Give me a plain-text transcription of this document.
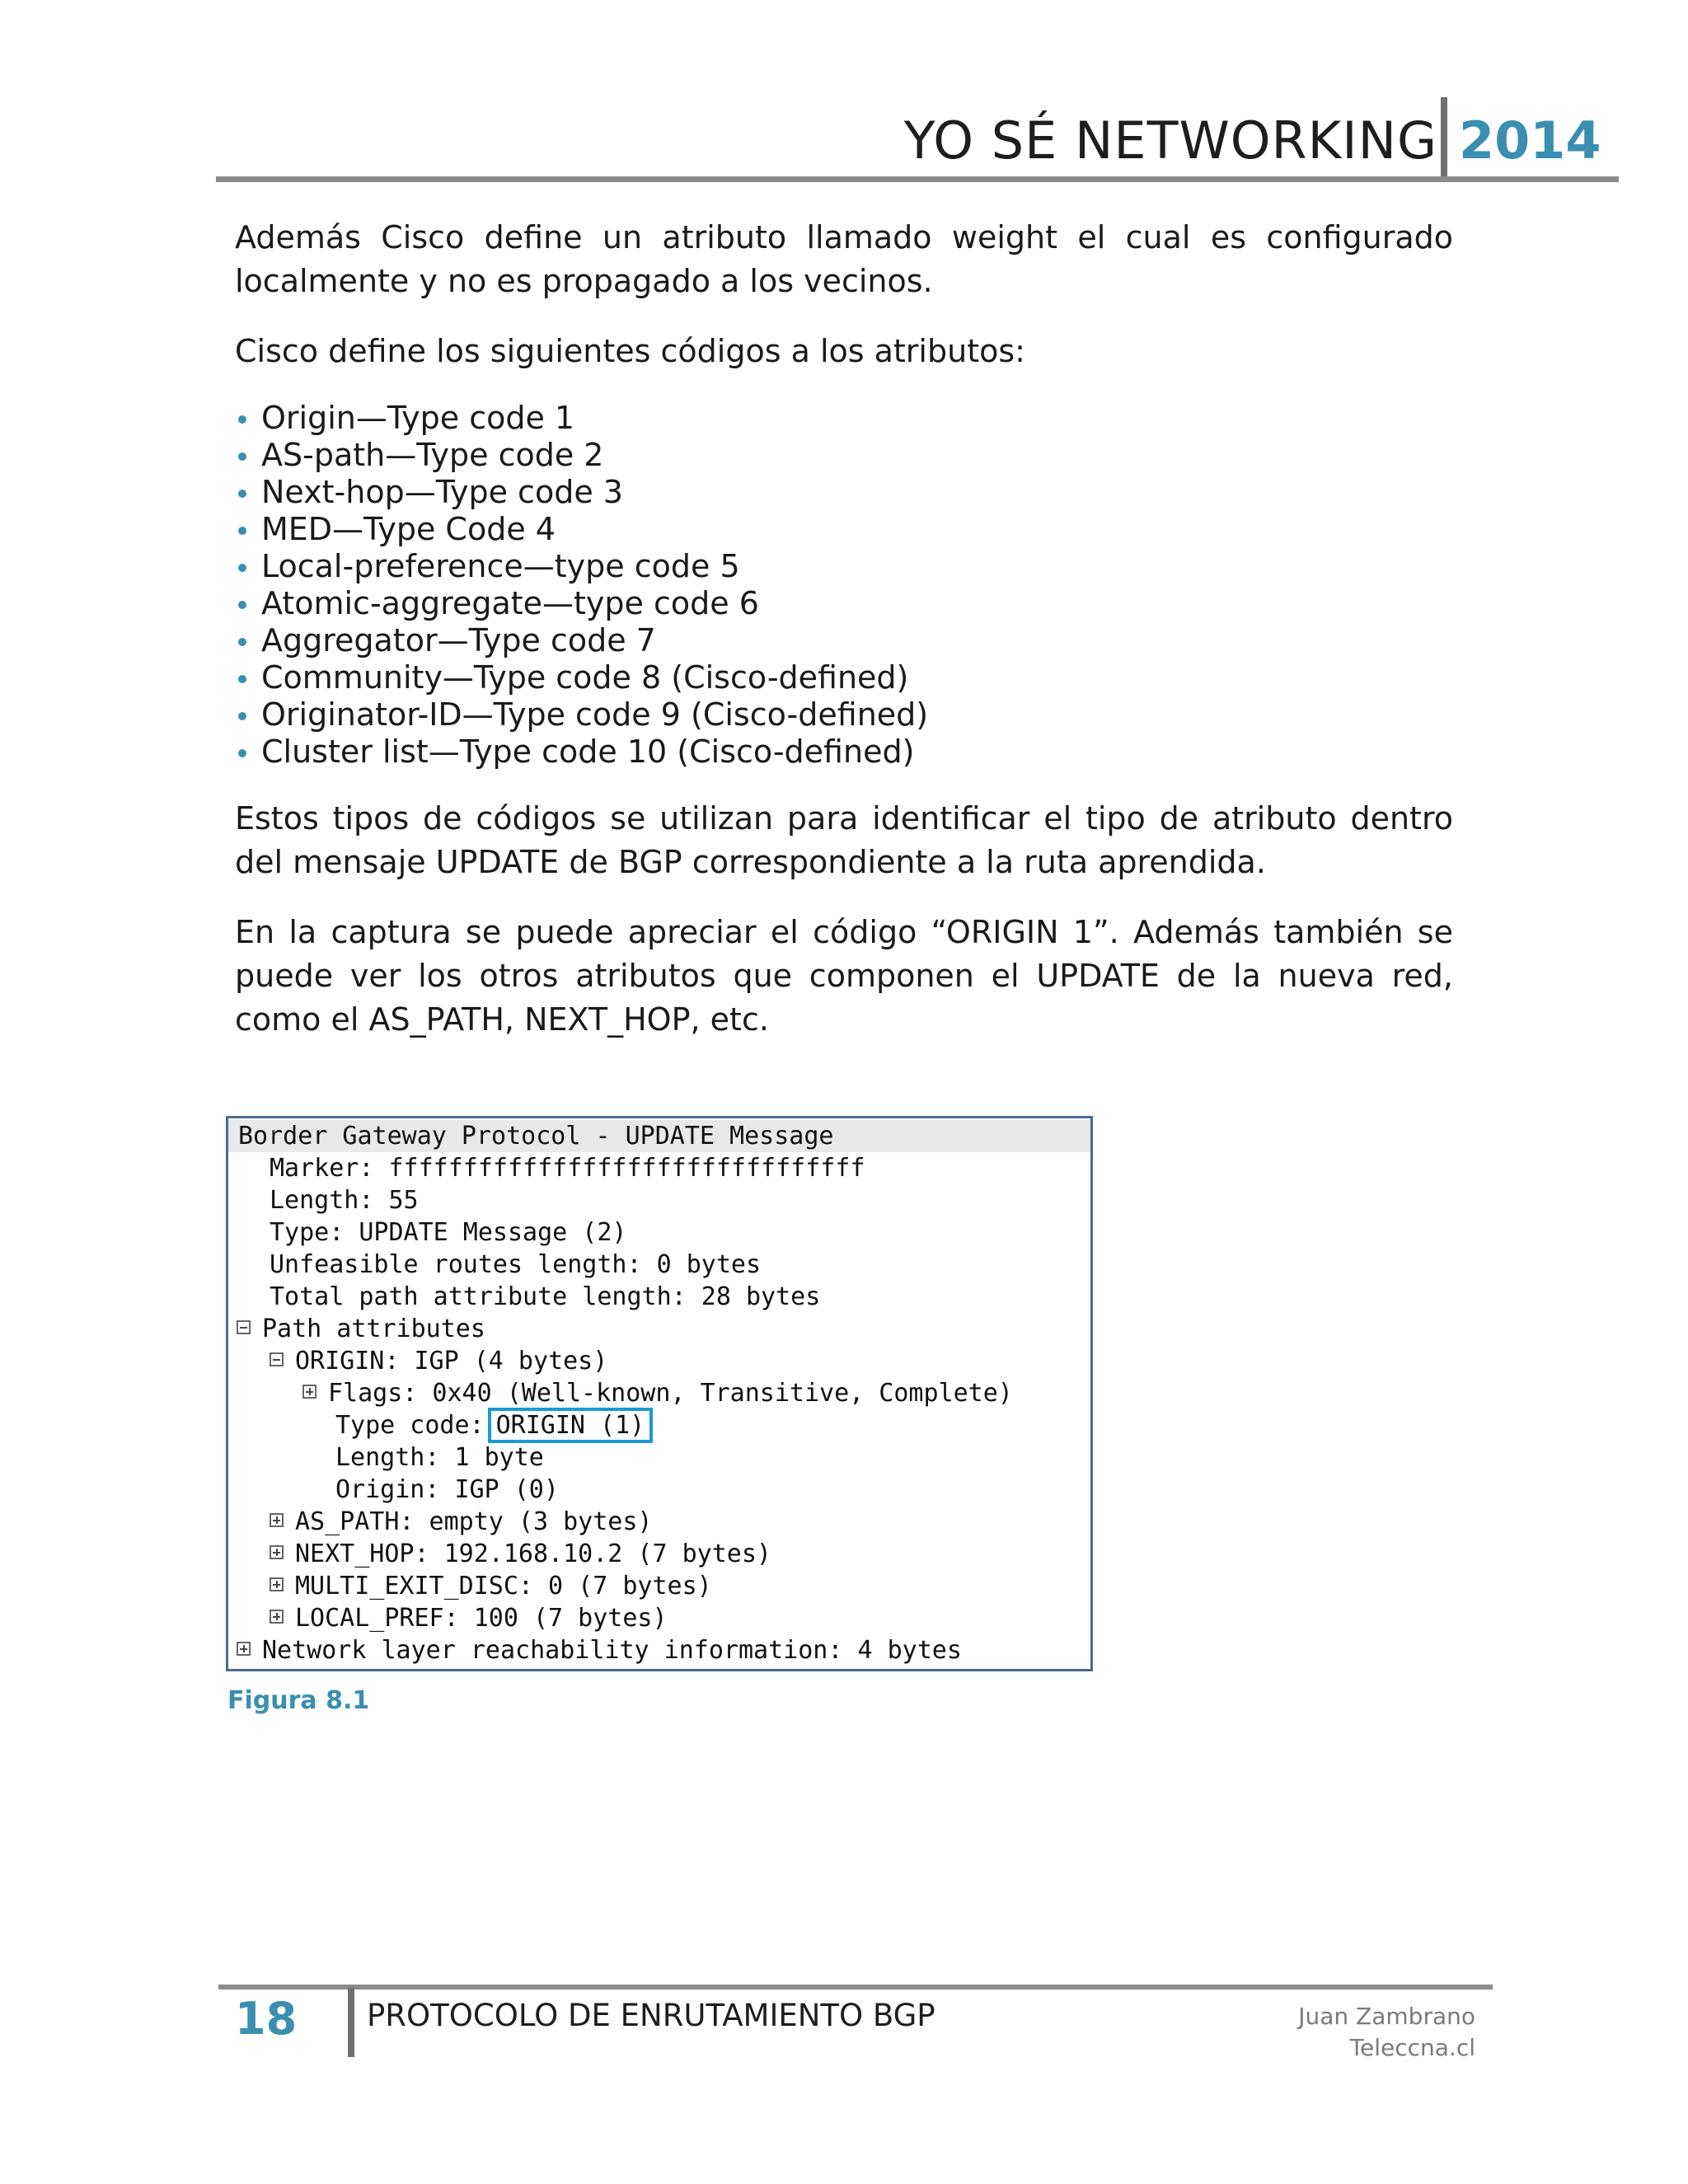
YO SÉ NETWORKING 2014

Además Cisco define un atributo llamado weight el cual es configurado localmente y no es propagado a los vecinos.

Cisco define los siguientes códigos a los atributos:

Origin—Type code 1
AS-path—Type code 2
Next-hop—Type code 3
MED—Type Code 4
Local-preference—type code 5
Atomic-aggregate—type code 6
Aggregator—Type code 7
Community—Type code 8 (Cisco-defined)
Originator-ID—Type code 9 (Cisco-defined)
Cluster list—Type code 10 (Cisco-defined)

Estos tipos de códigos se utilizan para identificar el tipo de atributo dentro del mensaje UPDATE de BGP correspondiente a la ruta aprendida.

En la captura se puede apreciar el código “ORIGIN 1”. Además también se puede ver los otros atributos que componen el UPDATE de la nueva red, como el AS_PATH, NEXT_HOP, etc.

Border Gateway Protocol - UPDATE Message
Marker: ffffffffffffffffffffffffffffffff
Length: 55
Type: UPDATE Message (2)
Unfeasible routes length: 0 bytes
Total path attribute length: 28 bytes
Path attributes
ORIGIN: IGP (4 bytes)
Flags: 0x40 (Well-known, Transitive, Complete)
Type code: ORIGIN (1)
Length: 1 byte
Origin: IGP (0)
AS_PATH: empty (3 bytes)
NEXT_HOP: 192.168.10.2 (7 bytes)
MULTI_EXIT_DISC: 0 (7 bytes)
LOCAL_PREF: 100 (7 bytes)
Network layer reachability information: 4 bytes
Figura 8.1
18 PROTOCOLO DE ENRUTAMIENTO BGP	Juan Zambrano
Teleccna.cl
